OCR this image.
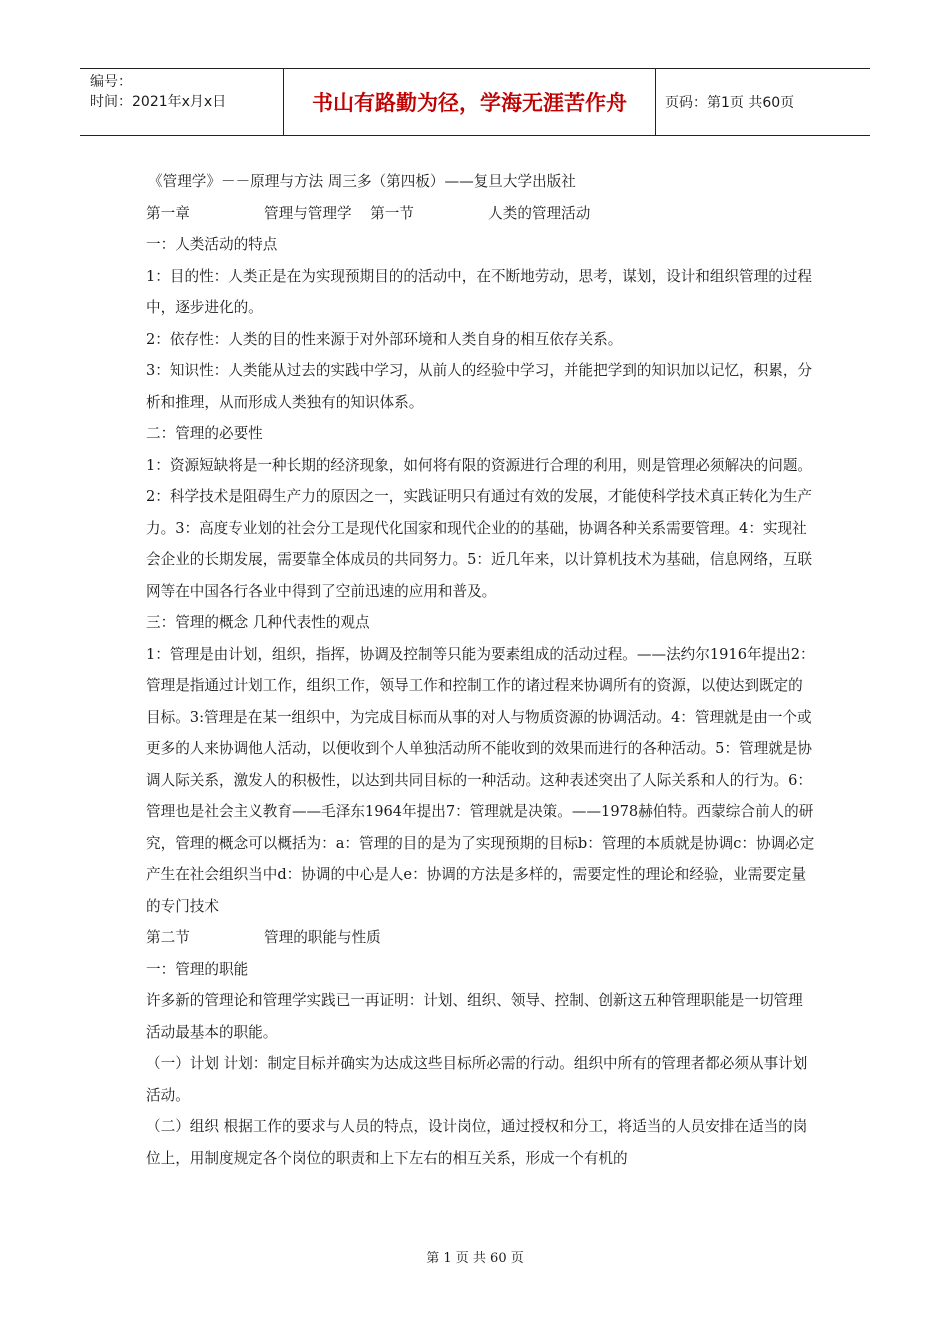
编号：
时间：2021年x月x日	书山有路勤为径，学海无涯苦作舟	页码：第1页 共60页

《管理学》－－原理与方法 周三多（第四板）——复旦大学出版社

第一章                管理与管理学    第一节                人类的管理活动

一：人类活动的特点

1：目的性：人类正是在为实现预期目的的活动中，在不断地劳动，思考，谋划，设计和组织管理的过程中，逐步进化的。

2：依存性：人类的目的性来源于对外部环境和人类自身的相互依存关系。

3：知识性：人类能从过去的实践中学习，从前人的经验中学习，并能把学到的知识加以记忆，积累，分析和推理，从而形成人类独有的知识体系。

二：管理的必要性

1：资源短缺将是一种长期的经济现象，如何将有限的资源进行合理的利用，则是管理必须解决的问题。2：科学技术是阻碍生产力的原因之一，实践证明只有通过有效的发展，才能使科学技术真正转化为生产力。3：高度专业划的社会分工是现代化国家和现代企业的的基础，协调各种关系需要管理。4：实现社会企业的长期发展，需要靠全体成员的共同努力。5：近几年来，以计算机技术为基础，信息网络，互联网等在中国各行各业中得到了空前迅速的应用和普及。

三：管理的概念 几种代表性的观点

1：管理是由计划，组织，指挥，协调及控制等只能为要素组成的活动过程。——法约尔1916年提出2：管理是指通过计划工作，组织工作，领导工作和控制工作的诸过程来协调所有的资源，以使达到既定的目标。3:管理是在某一组织中，为完成目标而从事的对人与物质资源的协调活动。4：管理就是由一个或更多的人来协调他人活动，以便收到个人单独活动所不能收到的效果而进行的各种活动。5：管理就是协调人际关系，激发人的积极性，以达到共同目标的一种活动。这种表述突出了人际关系和人的行为。6：管理也是社会主义教育——毛泽东1964年提出7：管理就是决策。——1978赫伯特。西蒙综合前人的研究，管理的概念可以概括为：a：管理的目的是为了实现预期的目标b：管理的本质就是协调c：协调必定产生在社会组织当中d：协调的中心是人e：协调的方法是多样的，需要定性的理论和经验，业需要定量的专门技术

第二节                管理的职能与性质

一：管理的职能

许多新的管理论和管理学实践已一再证明：计划、组织、领导、控制、创新这五种管理职能是一切管理活动最基本的职能。

（一）计划 计划：制定目标并确实为达成这些目标所必需的行动。组织中所有的管理者都必须从事计划活动。

（二）组织 根据工作的要求与人员的特点，设计岗位，通过授权和分工，将适当的人员安排在适当的岗位上，用制度规定各个岗位的职责和上下左右的相互关系，形成一个有机的

第 1 页 共 60 页
